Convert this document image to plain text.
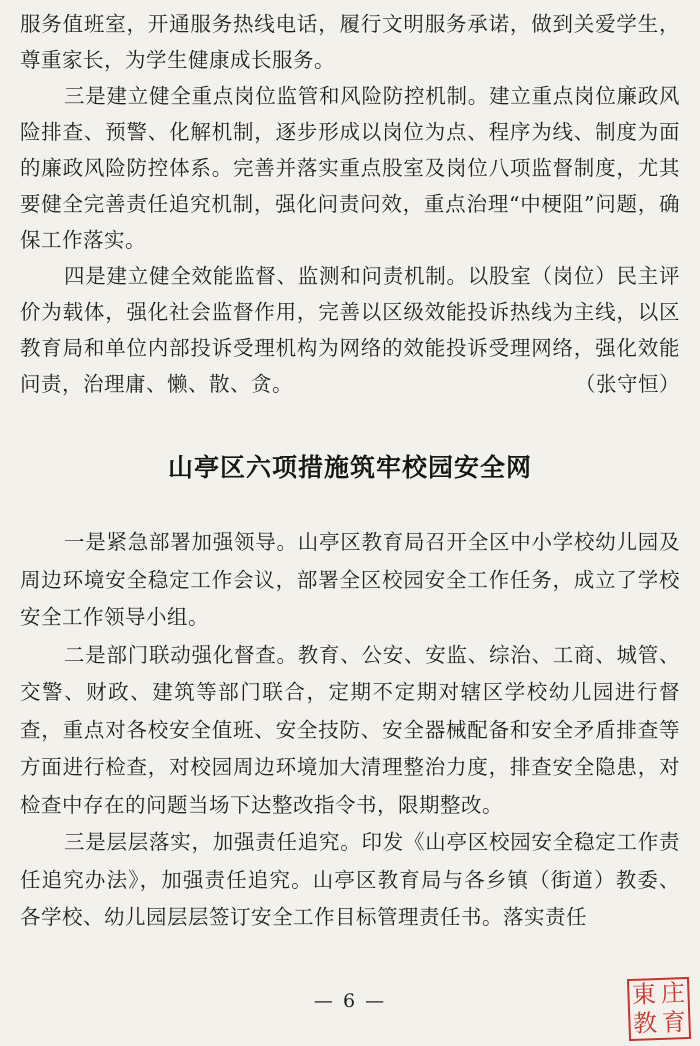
服务值班室，开通服务热线电话，履行文明服务承诺，做到关爱学生，尊重家长，为学生健康成长服务。

三是建立健全重点岗位监管和风险防控机制。建立重点岗位廉政风险排查、预警、化解机制，逐步形成以岗位为点、程序为线、制度为面的廉政风险防控体系。完善并落实重点股室及岗位八项监督制度，尤其要健全完善责任追究机制，强化问责问效，重点治理“中梗阻”问题，确保工作落实。

四是建立健全效能监督、监测和问责机制。以股室（岗位）民主评价为载体，强化社会监督作用，完善以区级效能投诉热线为主线，以区教育局和单位内部投诉受理机构为网络的效能投诉受理网络，强化效能问责，治理庸、懒、散、贪。	（张守恒）

山亭区六项措施筑牢校园安全网

一是紧急部署加强领导。山亭区教育局召开全区中小学校幼儿园及周边环境安全稳定工作会议，部署全区校园安全工作任务，成立了学校安全工作领导小组。

二是部门联动强化督查。教育、公安、安监、综治、工商、城管、交警、财政、建筑等部门联合，定期不定期对辖区学校幼儿园进行督查，重点对各校安全值班、安全技防、安全器械配备和安全矛盾排查等方面进行检查，对校园周边环境加大清理整治力度，排查安全隐患，对检查中存在的问题当场下达整改指令书，限期整改。

三是层层落实，加强责任追究。印发《山亭区校园安全稳定工作责任追究办法》，加强责任追究。山亭区教育局与各乡镇（街道）教委、各学校、幼儿园层层签订安全工作目标管理责任书。落实责任

— 6 —	東 庄
教 育
